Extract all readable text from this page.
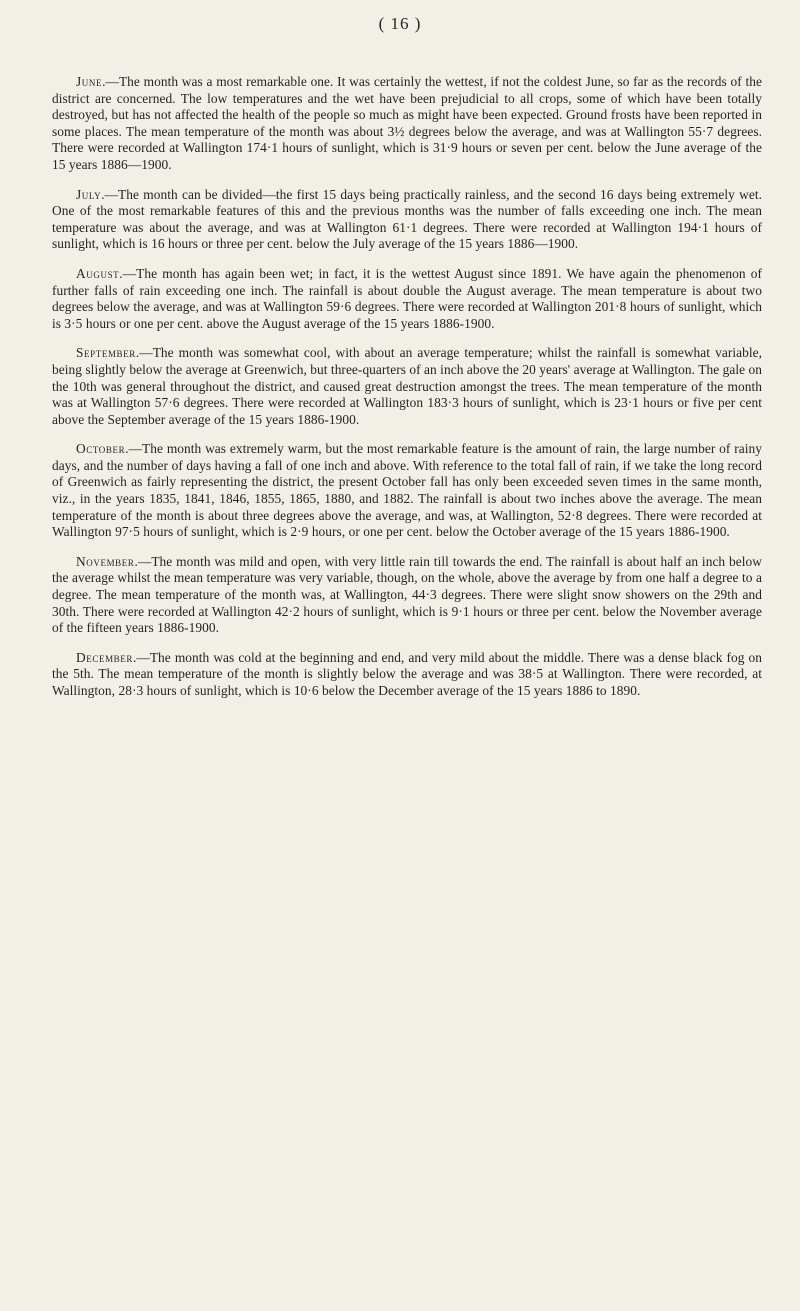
( 16 )

June.—The month was a most remarkable one. It was certainly the wettest, if not the coldest June, so far as the records of the district are concerned. The low temperatures and the wet have been prejudicial to all crops, some of which have been totally destroyed, but has not affected the health of the people so much as might have been expected. Ground frosts have been reported in some places. The mean temperature of the month was about 3½ degrees below the average, and was at Wallington 55·7 degrees. There were recorded at Wallington 174·1 hours of sunlight, which is 31·9 hours or seven per cent. below the June average of the 15 years 1886—1900.

July.—The month can be divided—the first 15 days being practically rainless, and the second 16 days being extremely wet. One of the most remarkable features of this and the previous months was the number of falls exceeding one inch. The mean temperature was about the average, and was at Wallington 61·1 degrees. There were recorded at Wallington 194·1 hours of sunlight, which is 16 hours or three per cent. below the July average of the 15 years 1886—1900.

August.—The month has again been wet; in fact, it is the wettest August since 1891. We have again the phenomenon of further falls of rain exceeding one inch. The rainfall is about double the August average. The mean temperature is about two degrees below the average, and was at Wallington 59·6 degrees. There were recorded at Wallington 201·8 hours of sunlight, which is 3·5 hours or one per cent. above the August average of the 15 years 1886-1900.

September.—The month was somewhat cool, with about an average temperature; whilst the rainfall is somewhat variable, being slightly below the average at Greenwich, but three-quarters of an inch above the 20 years' average at Wallington. The gale on the 10th was general throughout the district, and caused great destruction amongst the trees. The mean temperature of the month was at Wallington 57·6 degrees. There were recorded at Wallington 183·3 hours of sunlight, which is 23·1 hours or five per cent above the September average of the 15 years 1886-1900.

October.—The month was extremely warm, but the most remarkable feature is the amount of rain, the large number of rainy days, and the number of days having a fall of one inch and above. With reference to the total fall of rain, if we take the long record of Greenwich as fairly representing the district, the present October fall has only been exceeded seven times in the same month, viz., in the years 1835, 1841, 1846, 1855, 1865, 1880, and 1882. The rainfall is about two inches above the average. The mean temperature of the month is about three degrees above the average, and was, at Wallington, 52·8 degrees. There were recorded at Wallington 97·5 hours of sunlight, which is 2·9 hours, or one per cent. below the October average of the 15 years 1886-1900.

November.—The month was mild and open, with very little rain till towards the end. The rainfall is about half an inch below the average whilst the mean temperature was very variable, though, on the whole, above the average by from one half a degree to a degree. The mean temperature of the month was, at Wallington, 44·3 degrees. There were slight snow showers on the 29th and 30th. There were recorded at Wallington 42·2 hours of sunlight, which is 9·1 hours or three per cent. below the November average of the fifteen years 1886-1900.

December.—The month was cold at the beginning and end, and very mild about the middle. There was a dense black fog on the 5th. The mean temperature of the month is slightly below the average and was 38·5 at Wallington. There were recorded, at Wallington, 28·3 hours of sunlight, which is 10·6 below the December average of the 15 years 1886 to 1890.
